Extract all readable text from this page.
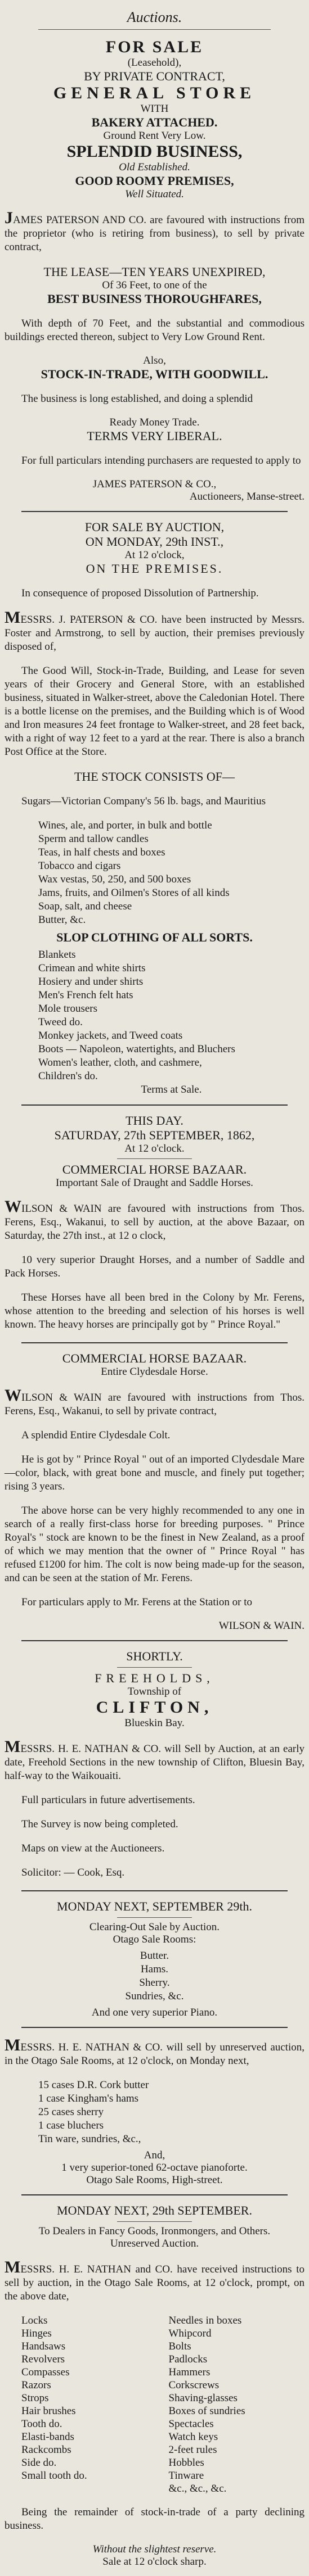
Auctions.
FOR SALE
(Leasehold),
BY PRIVATE CONTRACT,
GENERAL STORE
WITH
BAKERY ATTACHED.
Ground Rent Very Low.
SPLENDID BUSINESS,
Old Established.
GOOD ROOMY PREMISES,
Well Situated.

JAMES PATERSON AND CO. are favoured with instructions from the proprietor (who is retiring from business), to sell by private contract,

THE LEASE—TEN YEARS UNEXPIRED,
Of 36 Feet, to one of the
BEST BUSINESS THOROUGHFARES,

With depth of 70 Feet, and the substantial and commodious buildings erected thereon, subject to Very Low Ground Rent.

Also,
STOCK-IN-TRADE, WITH GOODWILL.

The business is long established, and doing a splendid

Ready Money Trade.
TERMS VERY LIBERAL.

For full particulars intending purchasers are requested to apply to

JAMES PATERSON & CO.,
Auctioneers, Manse-street.
FOR SALE BY AUCTION,
ON MONDAY, 29th INST.,
At 12 o'clock,
ON THE PREMISES.

In consequence of proposed Dissolution of Partnership.

MESSRS. J. PATERSON & CO. have been instructed by Messrs. Foster and Armstrong, to sell by auction, their premises previously disposed of,

The Good Will, Stock-in-Trade, Building, and Lease for seven years of their Grocery and General Store, with an established business, situated in Walker-street, above the Caledonian Hotel. There is a bottle license on the premises, and the Building which is of Wood and Iron measures 24 feet frontage to Walker-street, and 28 feet back, with a right of way 12 feet to a yard at the rear. There is also a branch Post Office at the Store.

THE STOCK CONSISTS OF—

Sugars—Victorian Company's 56 lb. bags, and Mauritius

Wines, ale, and porter, in bulk and bottle
Sperm and tallow candles
Teas, in half chests and boxes
Tobacco and cigars
Wax vestas, 50, 250, and 500 boxes
Jams, fruits, and Oilmen's Stores of all kinds
Soap, salt, and cheese
Butter, &c.
SLOP CLOTHING OF ALL SORTS.
Blankets
Crimean and white shirts
Hosiery and under shirts
Men's French felt hats
Mole trousers
Tweed do.
Monkey jackets, and Tweed coats
Boots — Napoleon, watertights, and Bluchers
Women's leather, cloth, and cashmere,
Children's do.
Terms at Sale.
THIS DAY.
SATURDAY, 27th SEPTEMBER, 1862,
At 12 o'clock.
COMMERCIAL HORSE BAZAAR.
Important Sale of Draught and Saddle Horses.

WILSON & WAIN are favoured with instructions from Thos. Ferens, Esq., Wakanui, to sell by auction, at the above Bazaar, on Saturday, the 27th inst., at 12 o clock,

10 very superior Draught Horses, and a number of Saddle and Pack Horses.

These Horses have all been bred in the Colony by Mr. Ferens, whose attention to the breeding and selection of his horses is well known. The heavy horses are principally got by " Prince Royal."

COMMERCIAL HORSE BAZAAR.
Entire Clydesdale Horse.

WILSON & WAIN are favoured with instructions from Thos. Ferens, Esq., Wakanui, to sell by private contract,

A splendid Entire Clydesdale Colt.

He is got by " Prince Royal " out of an imported Clydesdale Mare—color, black, with great bone and muscle, and finely put together; rising 3 years.

The above horse can be very highly recommended to any one in search of a really first-class horse for breeding purposes. " Prince Royal's " stock are known to be the finest in New Zealand, as a proof of which we may mention that the owner of " Prince Royal " has refused £1200 for him. The colt is now being made-up for the season, and can be seen at the station of Mr. Ferens.

For particulars apply to Mr. Ferens at the Station or to

WILSON & WAIN.
SHORTLY.
FREEHOLDS,
Township of
CLIFTON,
Blueskin Bay.

MESSRS. H. E. NATHAN & CO. will Sell by Auction, at an early date, Freehold Sections in the new township of Clifton, Bluesin Bay, half-way to the Waikouaiti.

Full particulars in future advertisements.

The Survey is now being completed.

Maps on view at the Auctioneers.

Solicitor: — Cook, Esq.

MONDAY NEXT, SEPTEMBER 29th.
Clearing-Out Sale by Auction.
Otago Sale Rooms:
Butter.
Hams.
Sherry.
Sundries, &c.
And one very superior Piano.

MESSRS. H. E. NATHAN & CO. will sell by unreserved auction, in the Otago Sale Rooms, at 12 o'clock, on Monday next,

15 cases D.R. Cork butter
1 case Kingham's hams
25 cases sherry
1 case bluchers
Tin ware, sundries, &c.,
And,
1 very superior-toned 62-octave pianoforte.
Otago Sale Rooms, High-street.
MONDAY NEXT, 29th SEPTEMBER.
To Dealers in Fancy Goods, Ironmongers, and Others.
Unreserved Auction.

MESSRS. H. E. NATHAN and CO. have received instructions to sell by auction, in the Otago Sale Rooms, at 12 o'clock, prompt, on the above date,

Locks
Hinges
Handsaws
Revolvers
Compasses
Razors
Strops
Hair brushes
Tooth do.
Elasti-bands
Rackcombs
Side do.
Small tooth do.
Needles in boxes
Whipcord
Bolts
Padlocks
Hammers
Corkscrews
Shaving-glasses
Boxes of sundries
Spectacles
Watch keys
2-feet rules
Hobbles
Tinware
&c., &c., &c.

Being the remainder of stock-in-trade of a party declining business.

Without the slightest reserve.
Sale at 12 o'clock sharp.
